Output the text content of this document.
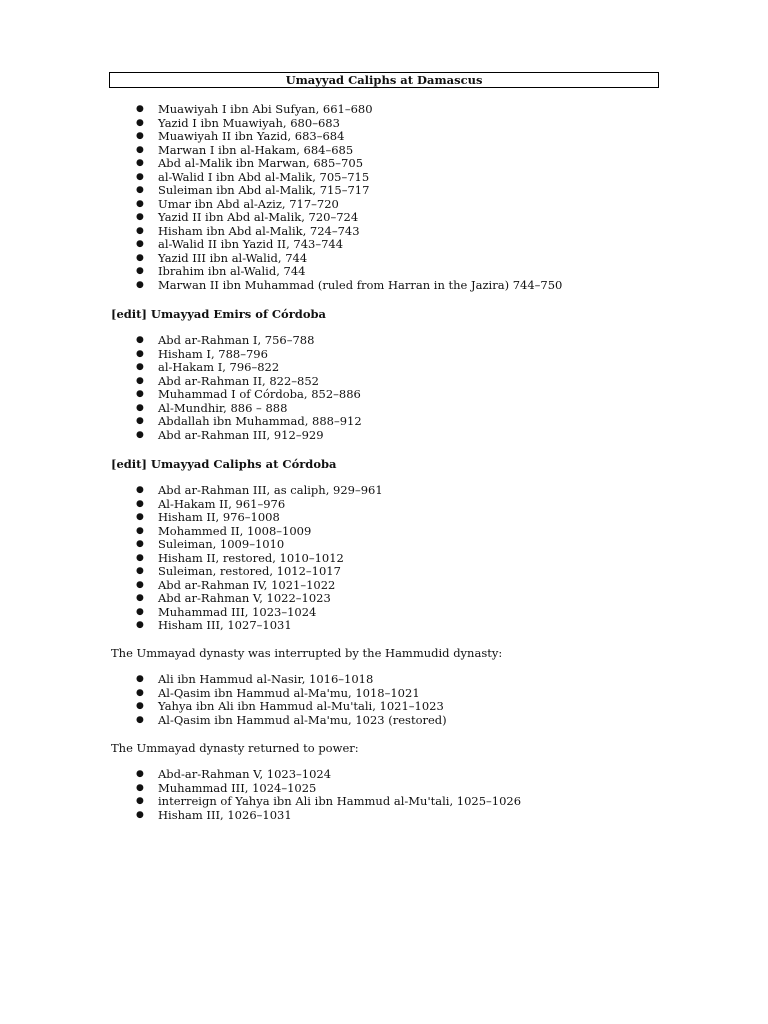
Umayyad Caliphs at Damascus
● Muawiyah I ibn Abi Sufyan, 661–680
● Yazid I ibn Muawiyah, 680–683
● Muawiyah II ibn Yazid, 683–684
● Marwan I ibn al-Hakam, 684–685
● Abd al-Malik ibn Marwan, 685–705
● al-Walid I ibn Abd al-Malik, 705–715
● Suleiman ibn Abd al-Malik, 715–717
● Umar ibn Abd al-Aziz, 717–720
● Yazid II ibn Abd al-Malik, 720–724
● Hisham ibn Abd al-Malik, 724–743
● al-Walid II ibn Yazid II, 743–744
● Yazid III ibn al-Walid, 744
● Ibrahim ibn al-Walid, 744
● Marwan II ibn Muhammad (ruled from Harran in the Jazira) 744–750
[edit] Umayyad Emirs of Córdoba
● Abd ar-Rahman I, 756–788
● Hisham I, 788–796
● al-Hakam I, 796–822
● Abd ar-Rahman II, 822–852
● Muhammad I of Córdoba, 852–886
● Al-Mundhir, 886 – 888
● Abdallah ibn Muhammad, 888–912
● Abd ar-Rahman III, 912–929
[edit] Umayyad Caliphs at Córdoba
● Abd ar-Rahman III, as caliph, 929–961
● Al-Hakam II, 961–976
● Hisham II, 976–1008
● Mohammed II, 1008–1009
● Suleiman, 1009–1010
● Hisham II, restored, 1010–1012
● Suleiman, restored, 1012–1017
● Abd ar-Rahman IV, 1021–1022
● Abd ar-Rahman V, 1022–1023
● Muhammad III, 1023–1024
● Hisham III, 1027–1031
The Ummayad dynasty was interrupted by the Hammudid dynasty:
● Ali ibn Hammud al-Nasir, 1016–1018
● Al-Qasim ibn Hammud al-Ma'mu, 1018–1021
● Yahya ibn Ali ibn Hammud al-Mu'tali, 1021–1023
● Al-Qasim ibn Hammud al-Ma'mu, 1023 (restored)
The Ummayad dynasty returned to power:
● Abd-ar-Rahman V, 1023–1024
● Muhammad III, 1024–1025
● interreign of Yahya ibn Ali ibn Hammud al-Mu'tali, 1025–1026
● Hisham III, 1026–1031
